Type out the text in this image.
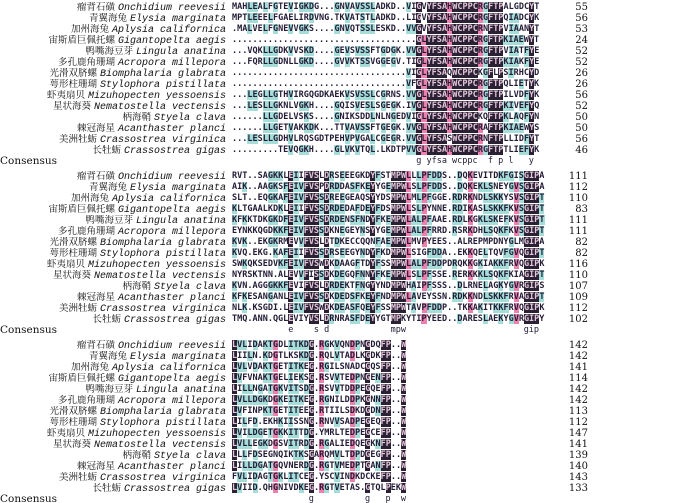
瘤背石磺 Onchidium reevesii MAHLEALFGTEVIGKDG...GNVAVSSLADKD..VIGVYFSAHWCPPCRGFTPALGDCYT	55
青翼海兔 Elysia marginata MPTLEEELFGAELIRDVNG.TKVATSTLADKD..LIGVYFSAHWCPPCRGFTPQIADCYK	56
加州海兔 Aplysia californica .MALVELFGNEVVGKS....GNVQTSSLESKD..VVGVYFSAHWCPPCRNFTPVIAANYT	53
宙斯盾巨佩托螺 Gigantopelta aegis ....................................GLYFSAHWCPPCRGFTPKIAEWYT	24
鸭嘴海豆芽 Lingula anatina ...VQKLLGDKVVSKD....GEVSVSSFTGDGK.VVGLYFSAHWCPPCRGFTPVIATFYE	52
多孔鹿角珊瑚 Acropora millepora ...FQRLLGDNLLGKD....GVVKTSSVGGEGV.TIGLYFSAHWCPPCRGFTPKIAKFYE	52
光滑双脐螺 Biomphalaria glabrata ..................................VIGLYFSAQWCPPCKGFLPSIRHCYD	26
萼形柱珊瑚 Stylophora pistillata ..................................VFGLYFSAHWCPPCRGFTPQLIETYK	26
虾夷扇贝 Mizuhopecten yessoensis ...LEGLLGTHVIRGQGDKAEKVSVSSLCGRNS.VVGLYFSAHWCPPCRGFTPILVDFYK	56
星状海葵 Nematostella vectensis ...LESLLGKNLVGKH....GQISVESLSGEGK.IVGLYFSAHWCPPCRGFTPKIVEFYQ	52
柄海鞘 Styela clava ......LLGDELVSKS....GNIKSDDLNLNGEDVIGLYFSAHWCPPCKQFTPKLAQFYN	50
棘冠海星 Acanthaster planci ......LLGETVAKKDK...TTVAVSSFTGEGK.VVGLYFSAHWCPPCRAFTPKIAEWYS	50
美洲牡蛎 Crassostrea virginica ...LESLLGDHVLRQSGDTPEHVPVGALCGEGR.VVGLYFSASWCPPCRNFTPLLIDFYT	56
长牡蛎 Crassostrea gigas .........TEVQGKH....GLVKVTQL.LKDTPVVGLYFSAHWCPPCRGFTPTLIEFYK	46
Consensus	g yfsa wcppc  f p l   y
瘤背石磺 Onchidium reevesii RVT..SAGKKLEIIFVSLDRSEEEGKDYFSTMPWLLLPFDDS..DQKEVITDKFGISGIPA	111
青翼海兔 Elysia marginata AIK..AAGKSFEIVFVSPDRDDASFKEYYGEMPWLSLPFDDS..DQKEKLSNEYGVSGIPA	112
加州海兔 Aplysia californica SLT..EQGKAFEIVFVSSDREEGEAQSYYDSMPWLMLPFGGE.RDRKNDLSKKYSVSGIPT	110
宙斯盾巨佩托螺 Gigantopelta aegis KLTGAALKDKLEIIFVSSDRDEDAFDEYFDSMPWLSLPYNNE.RDIKASLSKKFKVSGIPT	83
鸭嘴海豆芽 Lingula anatina KFKKTDKGKDFEIVFVSSDRDENSFNDYFKEMPWLALPFAAE.RDLKGKLSKEFKVSGIPT	111
多孔鹿角珊瑚 Acropora millepora EYNKKQGDKKFEIVFVSSDKNEGEYNSYYGEMPWLALPFRRD.RSRKDHLSQKFKVSGIPT	111
光滑双脐螺 Biomphalaria glabrata KVK..EKGKRMEVVFVSLDTDKECCQQNFAEMPWLMVPYEES..ALREPMPDNYGLMGIPA	82
萼形柱珊瑚 Stylophora pistillata KVQ.EKG.KAFEIIFVSSDRSEEGYNDYFKDMPWLSIGFDDA..EKKQELTQVFGVQGIPT	82
虾夷扇贝 Mizuhopecten yessoensis SWKQKSEDVKFEIVFVSWDKDAAGFTDYFSSMPWLALPFDDPDRQKKGKIAKKFRVQGIPK	116
星状海葵 Nematostella vectensis NYRSKTNN.ALEVVFISSDKDEGQFNNYFKEMPWLSLPFSSE.RERKKKLSQKFKIAGIPT	110
柄海鞘 Styela clava KVN.AGGGKKFEVIFVSLDRDEKTFNGYYNDMPWHAIPFSSS..DLRNELAGKYGVRGIPS	107
棘冠海星 Acanthaster planci KFKESANGANLEIVFVSSDKDEDSFKEYFNDMPWLAVEYSSN.RDKKNDLSKKFRVAGIPT	109
美洲牡蛎 Crassostrea virginica NLK.KSGDI.LEIVFVSWDKDEASFQEYFSSMPWTAVPFDDP..TKKAKITKKFRVQGIPK	112
长牡蛎 Crassostrea gigas TMQ.ANN.QGLEVIYVSLDRNRASFDEYYGTMPKYTIPYEED..DARESLAEKYGVRGIPY	102
Consensus	e    s d            mpw                       gip
瘤背石磺 Onchidium reevesii LVLIDAKTGDLITKDG.RGKVQNDPNGDQFP..W	142
青翼海兔 Elysia marginata LIILN.KDGTLKSKDG.RQLVTADLKGDKFP..W	142
加州海兔 Aplysia californica LVLVDAKTGETITKEG.RGILSNADCGQSFP..W	141
宙斯盾巨佩托螺 Gigantopelta aegis LVFVNAKTGELIEKSG.RSVVTEDPNGENFP..W	114
鸭嘴海豆芽 Lingula anatina LILLNGATGKVITSDG.RSVVTDDPEGQEFP..W	142
多孔鹿角珊瑚 Acropora millepora LVLLDGKDGKEITKEG.RGNILDDPKGNNFP..W	142
光滑双脐螺 Biomphalaria glabrata LVFINPKTGETITEEG.RTIILSDKDGDNFP..W	113
萼形柱珊瑚 Stylophora pistillata LILFD.EKHKIISSNG.RNVVSADPEGEQFP..W	112
虾夷扇贝 Mizuhopecten yessoensis LVILDGETGKKITTDG.YMRLTEDPEGCEFP..W	147
星状海葵 Nematostella vectensis LVLLEGKDGSVITRDG.RGALIEDQEGKNFP..W	141
柄海鞘 Styela clava LLLFDSEGNQIKTKSGARQMVLTDPDGEGFP..W	139
棘冠海星 Acanthaster planci LILLDGATGQVNERDG.RGTVMEDPTGANFP..W	140
美洲牡蛎 Crassostrea virginica FVLIDAGTGKLITCEG.YSCVINDKDCKEFP..W	143
长牡蛎 Crassostrea gigas LVIID.QHGNIVDKEG.RGTVETAS.GTQLPEKW	133
Consensus	g          g   p  w
